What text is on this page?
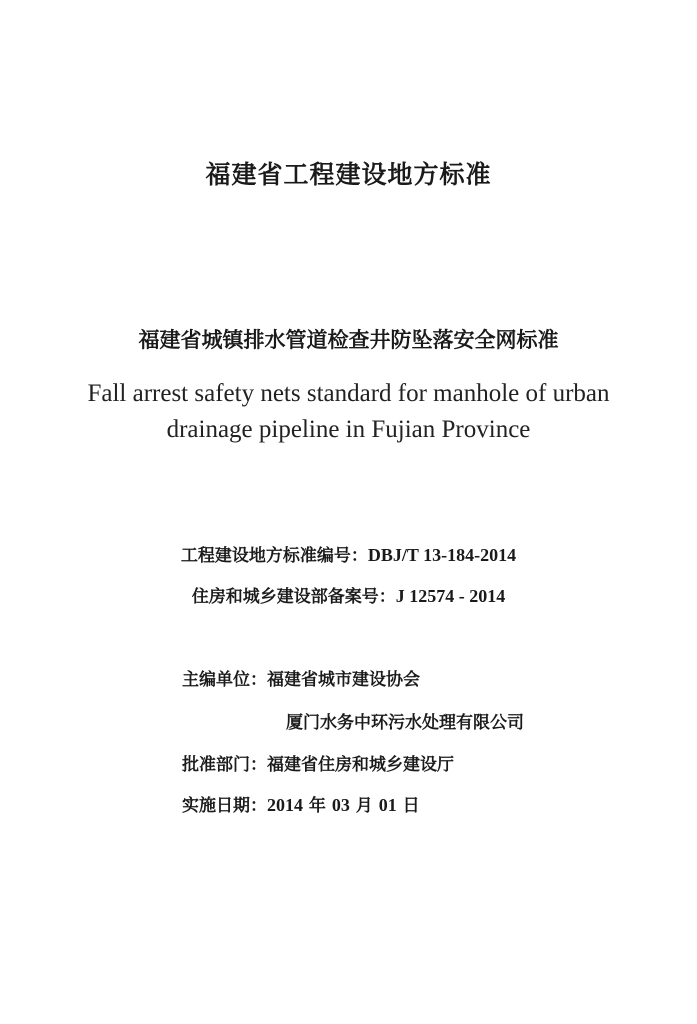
福建省工程建设地方标准
福建省城镇排水管道检查井防坠落安全网标准
Fall arrest safety nets standard for manhole of urban
drainage pipeline in Fujian Province
工程建设地方标准编号：DBJ/T 13-184-2014
住房和城乡建设部备案号：J 12574 - 2014
主编单位：福建省城市建设协会
厦门水务中环污水处理有限公司
批准部门：福建省住房和城乡建设厅
实施日期：2014 年 03 月 01 日
